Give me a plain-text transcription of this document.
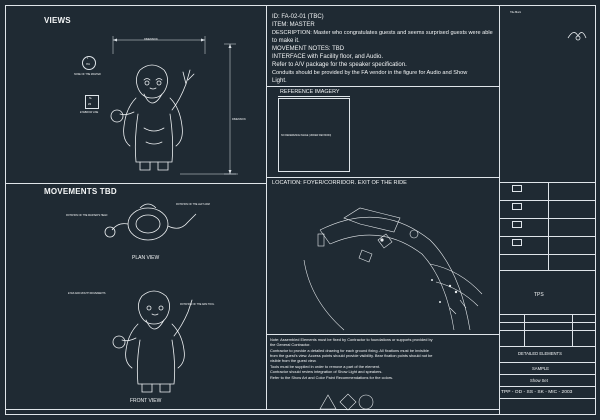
VIEWS
DIMENSION
DIMENSION
1
351
NOSE OF THE MASTER
SL
2ftl
EYEBROW LINE
MOVEMENTS TBD
ROTATION OF THE MASTER'S HEAD
ROTATION OF THE LEFT ARM
PLAN VIEW
EYES AND MOUTH MOVEMENTS
ROTATION OF THE ARM TOOL
FRONT VIEW
ID: FA-02-01 (TBC)
ITEM: MASTER
DESCRIPTION: Master who congratulates guests and seems surprised guests were able
to make it.
MOVEMENT NOTES: TBD
INTERFACE with Facility floor, and Audio.
Refer to A/V package for the speaker specification.
Conduits should be provided by the FA vendor in the figure for Audio and Show
Light.
REFERENCE IMAGERY
NO REFERENCE IMAGE (UNDER REVISION)
LOCATION: FOYER/CORRIDOR. EXIT OF THE RIDE
Note: Assembled Elements must be fixed by Contractor to foundations or supports provided by
the General Contractor.
Contractor to provide a detailed drawing for each ground fixing. All fixations must be invisible
from the guest's view. Access points should provide visibility. Bear fixation points should not be
visible from the guest view.
Tools must be supplied in order to remove a part of the element.
Contractor should review integration of Show Light and speakers.
Refer to the Show Art and Color Paint Recommendations for the colors.
Title Block
TPS
DETAILED ELEMENTS
SAMPLE
Show Set
TPP - OD - SS - SK - MIC - 2003
